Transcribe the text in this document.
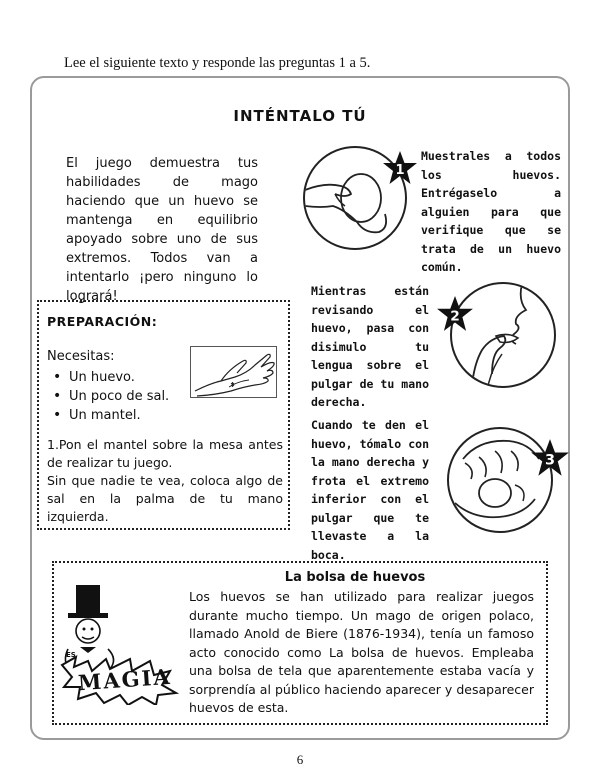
Lee el siguiente texto y responde las preguntas 1 a 5.
INTÉNTALO TÚ
El juego demuestra tus
habilidades de mago
haciendo que un huevo se
mantenga en equilibrio
apoyado sobre uno de sus
extremos. Todos van a
intentarlo ¡pero ninguno lo
logrará!
PREPARACIÓN:
Necesitas:
• Un huevo.
• Un poco de sal.
• Un mantel.
1.Pon el mantel sobre la mesa antes de realizar tu juego.
Sin que nadie te vea, coloca algo de sal en la palma de tu mano izquierda.
1
Muestrales a todos los huevos. Entrégaselo a alguien para que verifique que se trata de un huevo común.
Mientras están revisando el huevo, pasa con disimulo tu lengua sobre el pulgar de tu mano derecha.
2
Cuando te den el huevo, tómalo con la mano derecha y frota el extremo inferior con el pulgar que te llevaste a la boca.
3
ES
MAGIA
La bolsa de huevos
Los huevos se han utilizado para realizar juegos durante mucho tiempo. Un mago de origen polaco, llamado Anold de Biere (1876-1934), tenía un famoso acto conocido como La bolsa de huevos. Empleaba una bolsa de tela que aparentemente estaba vacía y sorprendía al público haciendo aparecer y desaparecer huevos de esta.
6
